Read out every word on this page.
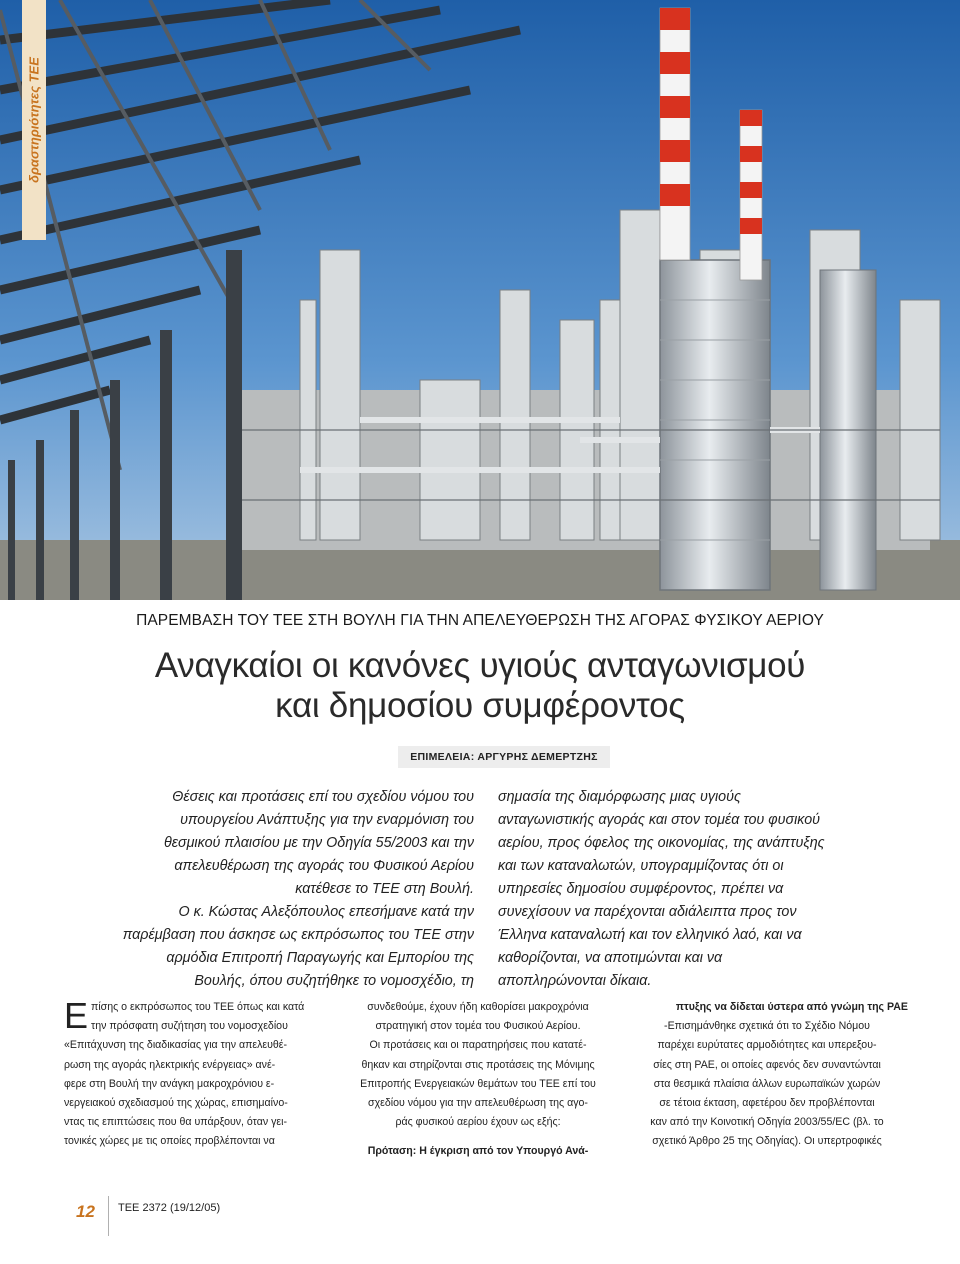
δραστηριότητες ΤΕΕ
ΠΑΡΕΜΒΑΣΗ ΤΟΥ ΤΕΕ ΣΤΗ ΒΟΥΛΗ ΓΙΑ ΤΗΝ ΑΠΕΛΕΥΘΕΡΩΣΗ ΤΗΣ ΑΓΟΡΑΣ ΦΥΣΙΚΟΥ ΑΕΡΙΟΥ
Αναγκαίοι οι κανόνες υγιούς ανταγωνισμού
και δημοσίου συμφέροντος
ΕΠΙΜΕΛΕΙΑ: ΑΡΓΥΡΗΣ ΔΕΜΕΡΤΖΗΣ
Θέσεις και προτάσεις επί του σχεδίου νόμου του
υπουργείου Ανάπτυξης για την εναρμόνιση του
θεσμικού πλαισίου με την Οδηγία 55/2003 και την
απελευθέρωση της αγοράς του Φυσικού Αερίου
κατέθεσε το ΤΕΕ στη Βουλή.
Ο κ. Κώστας Αλεξόπουλος επεσήμανε κατά την
παρέμβαση που άσκησε ως εκπρόσωπος του ΤΕΕ στην
αρμόδια Επιτροπή Παραγωγής και Εμπορίου της
Βουλής, όπου συζητήθηκε το νομοσχέδιο, τη
σημασία της διαμόρφωσης μιας υγιούς
ανταγωνιστικής αγοράς και στον τομέα του φυσικού
αερίου, προς όφελος της οικονομίας, της ανάπτυξης
και των καταναλωτών, υπογραμμίζοντας ότι οι
υπηρεσίες δημοσίου συμφέροντος, πρέπει να
συνεχίσουν να παρέχονται αδιάλειπτα προς τον
Έλληνα καταναλωτή και τον ελληνικό λαό, και να
καθορίζονται, να αποτιμώνται και να
αποπληρώνονται δίκαια.
Ε πίσης ο εκπρόσωπος του ΤΕΕ όπως και κατά

την πρόσφατη συζήτηση του νομοσχεδίου

«Επιτάχυνση της διαδικασίας για την απελευθέ-

ρωση της αγοράς ηλεκτρικής ενέργειας» ανέ-

φερε στη Βουλή την ανάγκη μακροχρόνιου ε-

νεργειακού σχεδιασμού της χώρας, επισημαίνο-

ντας τις επιπτώσεις που θα υπάρξουν, όταν γει-

τονικές χώρες με τις οποίες προβλέπονται να

συνδεθούμε, έχουν ήδη καθορίσει μακροχρόνια

στρατηγική στον τομέα του Φυσικού Αερίου.

Οι προτάσεις και οι παρατηρήσεις που κατατέ-

θηκαν και στηρίζονται στις προτάσεις της Μόνιμης

Επιτροπής Ενεργειακών θεμάτων του ΤΕΕ επί του

σχεδίου νόμου για την απελευθέρωση της αγο-

ράς φυσικού αερίου έχουν ως εξής:

Πρόταση: Η έγκριση από τον Υπουργό Ανά-

πτυξης να δίδεται ύστερα από γνώμη της ΡΑΕ

-Επισημάνθηκε σχετικά ότι το Σχέδιο Νόμου

παρέχει ευρύτατες αρμοδιότητες και υπερεξου-

σίες στη ΡΑΕ, οι οποίες αφενός δεν συναντώνται

στα θεσμικά πλαίσια άλλων ευρωπαϊκών χωρών

σε τέτοια έκταση, αφετέρου δεν προβλέπονται

καν από την Κοινοτική Οδηγία 2003/55/EC (βλ. το

σχετικό Άρθρο 25 της Οδηγίας). Οι υπερτροφικές

12 ΤΕΕ 2372 (19/12/05)
